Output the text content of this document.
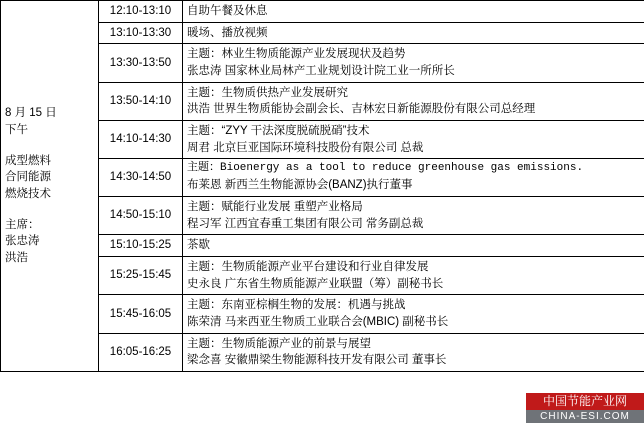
8 月 15 日
下午
成型燃料
合同能源
燃烧技术
主席：
张忠涛
洪浩
	12:10-13:10	自助午餐及休息

	13:10-13:30	暖场、播放视频

	13:30-13:50	主题：林业生物质能源产业发展现状及趋势
张忠涛 国家林业局林产工业规划设计院工业一所所长

	13:50-14:10	主题：生物质供热产业发展研究
洪浩 世界生物质能协会副会长、吉林宏日新能源股份有限公司总经理

	14:10-14:30	主题：“ZYY 干法深度脱硫脱硝”技术
周君 北京巨亚国际环境科技股份有限公司 总裁

	14:30-14:50	主题：Bioenergy as a tool to reduce greenhouse gas emissions.
布莱恩 新西兰生物能源协会(BANZ)执行董事

	14:50-15:10	主题：赋能行业发展 重塑产业格局
程习军 江西宜春重工集团有限公司 常务副总裁

	15:10-15:25	茶歇

	15:25-15:45	主题：生物质能源产业平台建设和行业自律发展
史永良 广东省生物质能源产业联盟（筹）副秘书长

	15:45-16:05	主题：东南亚棕榈生物的发展：机遇与挑战
陈荣清 马来西亚生物质工业联合会(MBIC) 副秘书长

	16:05-16:25	主题：生物质能源产业的前景与展望
梁念喜 安徽鼎梁生物能源科技开发有限公司 董事长
中国节能产业网
CHINA-ESI.COM
